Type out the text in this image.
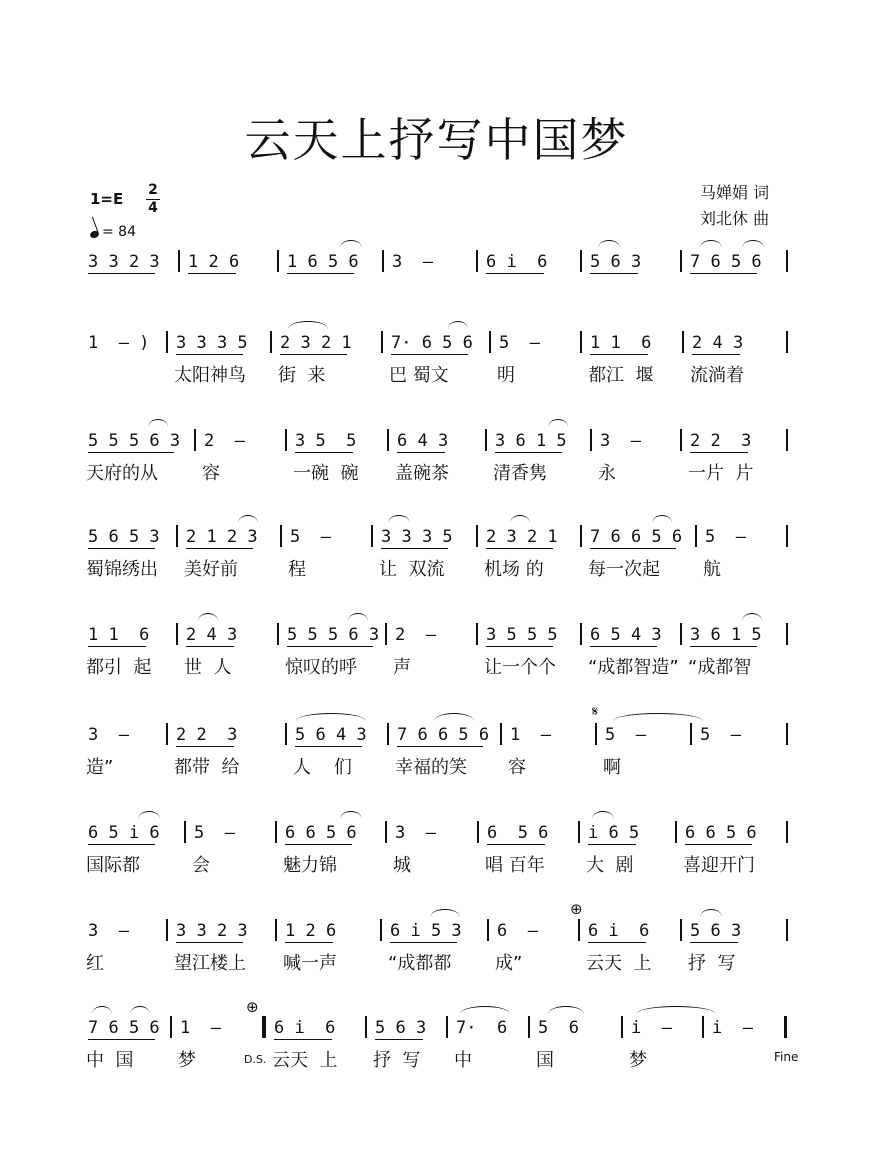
云天上抒写中国梦
1=E 2
4
= 84
马婵娟 词
刘北休 曲
3 3 2 3 1 2 6	1 6 5 6 3  –	6 i  6	5 6 3	7 6 5 6
1  – ) 3 3 3 5
太阳神鸟
2 3 2 1
街  来
7· 6 5 6
巴 蜀文
5  –
明
1 1  6
都江  堰
2 4 3
流淌着
5 5 5 6 3
天府的从
2  –
容
3 5  5
一碗  碗
6 4 3
盖碗茶
3 6 1 5
清香隽
3  –
永
2 2  3
一片  片
5 6 5 3
蜀锦绣出
2 1 2 3
美好前
5  –
程
3 3 3 5
让  双流
2 3 2 1
机场 的
7 6 6 5 6
每一次起
5  –
航
1 1  6
都引  起
2 4 3
世  人
5 5 5 6 3
惊叹的呼
2  –
声
3 5 5 5
让一个个
6 5 4 3
“成都智造”
3 6 1 5
“成都智
3  –
造”
2 2  3
都带  给
5 6 4 3
人    们
7 6 6 5 6
幸福的笑
1  –
容
5  –
啊
5  –
6 5 i 6
国际都
5  –
会
6 6 5 6
魅力锦
3  –
城
6  5 6
唱 百年
i 6 5
大  剧
6 6 5 6
喜迎开门
3  –
红
3 3 2 3
望江楼上
1 2 6
喊一声
6 i 5 3
“成都都
6  –
成”
6 i  6
云天  上
5 6 3
抒  写
7 6 5 6
中  国
1  –
梦
6 i  6
云天  上
5 6 3
抒  写
7·  6
中
5  6
国
i  –
梦
i  –
𝄋
⊕
⊕
D.S.	Fine
